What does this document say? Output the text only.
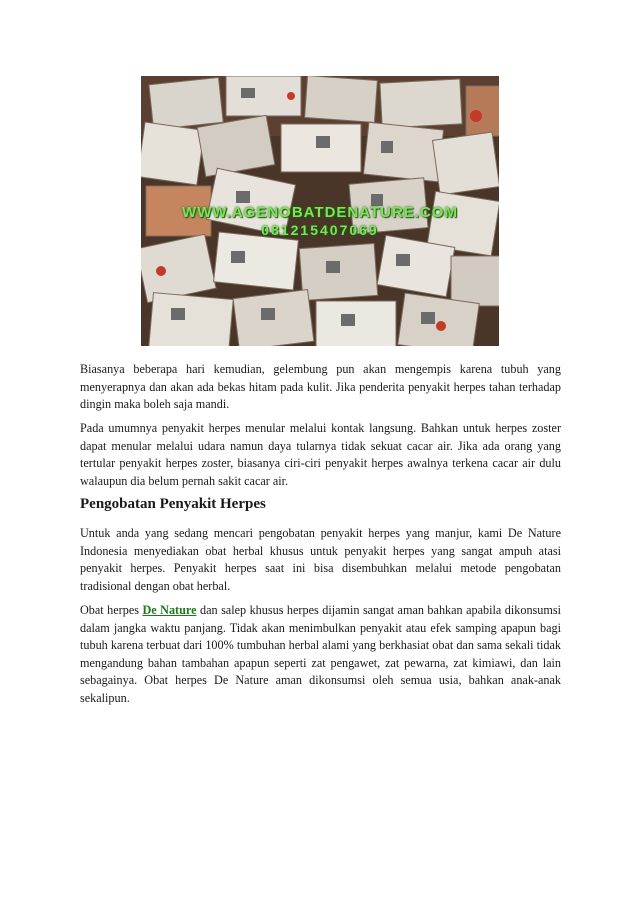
WWW.AGENOBATDENATURE.COM
081215407069
Biasanya beberapa hari kemudian, gelembung pun akan mengempis karena tubuh yang menyerapnya dan akan ada bekas hitam pada kulit. Jika penderita penyakit herpes tahan terhadap dingin maka boleh saja mandi.
Pada umumnya penyakit herpes menular melalui kontak langsung. Bahkan untuk herpes zoster dapat menular melalui udara namun daya tularnya tidak sekuat cacar air. Jika ada orang yang tertular penyakit herpes zoster, biasanya ciri-ciri penyakit herpes awalnya terkena cacar air dulu walaupun dia belum pernah sakit cacar air.
Pengobatan Penyakit Herpes
Untuk anda yang sedang mencari pengobatan penyakit herpes yang manjur, kami De Nature Indonesia menyediakan obat herbal khusus untuk penyakit herpes yang sangat ampuh atasi penyakit herpes. Penyakit herpes saat ini bisa disembuhkan melalui metode pengobatan tradisional dengan obat herbal.
Obat herpes De Nature dan salep khusus herpes dijamin sangat aman bahkan apabila dikonsumsi dalam jangka waktu panjang. Tidak akan menimbulkan penyakit atau efek samping apapun bagi tubuh karena terbuat dari 100% tumbuhan herbal alami yang berkhasiat obat dan sama sekali tidak mengandung bahan tambahan apapun seperti zat pengawet, zat pewarna, zat kimiawi, dan lain sebagainya. Obat herpes De Nature aman dikonsumsi oleh semua usia, bahkan anak-anak sekalipun.
